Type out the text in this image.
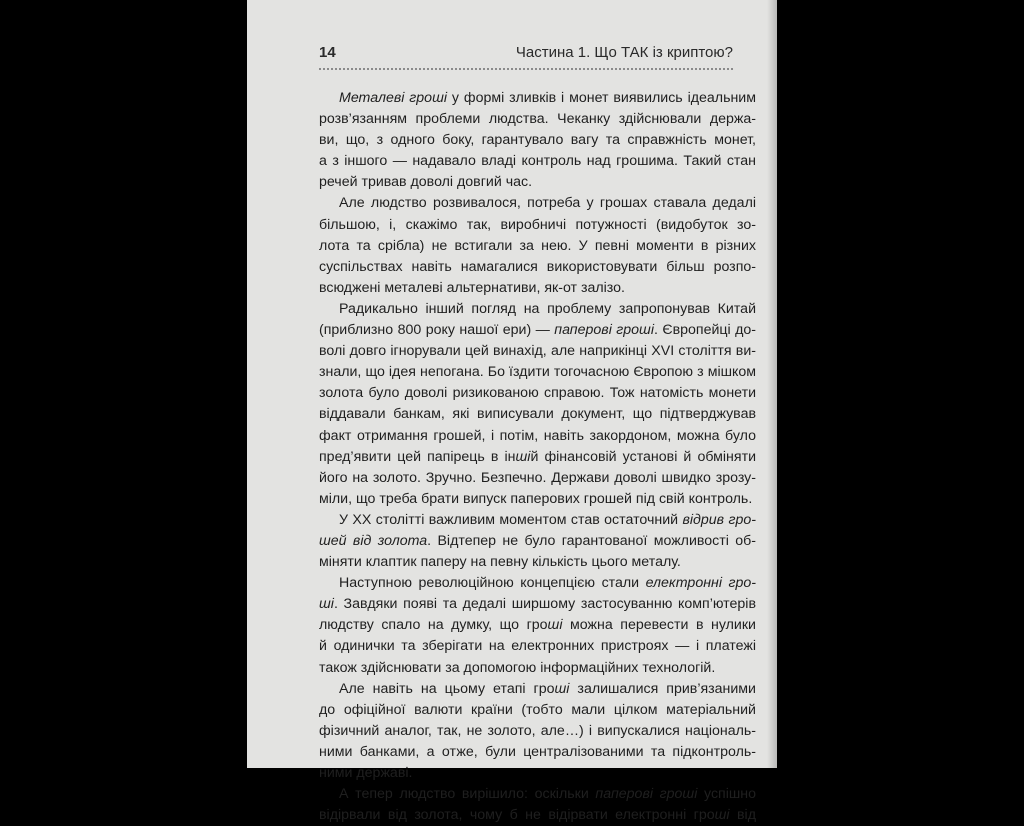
14	Частина 1. Що ТАК із криптою?
Металеві гроші у формі зливків і монет виявились ідеальним
розв’язанням проблеми людства. Чеканку здійснювали держа-
ви, що, з одного боку, гарантувало вагу та справжність монет,
а з іншого — надавало владі контроль над грошима. Такий стан
речей тривав доволі довгий час.
Але людство розвивалося, потреба у грошах ставала дедалі
більшою, і, скажімо так, виробничі потужності (видобуток зо-
лота та срібла) не встигали за нею. У певні моменти в різних
суспільствах навіть намагалися використовувати більш розпо-
всюджені металеві альтернативи, як-от залізо.
Радикально інший погляд на проблему запропонував Китай
(приблизно 800 року нашої ери) — паперові гроші. Європейці до-
волі довго ігнорували цей винахід, але наприкінці XVI століття ви-
знали, що ідея непогана. Бо їздити тогочасною Європою з мішком
золота було доволі ризикованою справою. Тож натомість монети
віддавали банкам, які виписували документ, що підтверджував
факт отримання грошей, і потім, навіть закордоном, можна було
пред’явити цей папірець в іншій фінансовій установі й обміняти
його на золото. Зручно. Безпечно. Держави доволі швидко зрозу-
міли, що треба брати випуск паперових грошей під свій контроль.
У XX столітті важливим моментом став остаточний відрив гро-
шей від золота. Відтепер не було гарантованої можливості об-
міняти клаптик паперу на певну кількість цього металу.
Наступною революційною концепцією стали електронні гро-
ші. Завдяки появі та дедалі ширшому застосуванню комп’ютерів
людству спало на думку, що гроші можна перевести в нулики
й одинички та зберігати на електронних пристроях — і платежі
також здійснювати за допомогою інформаційних технологій.
Але навіть на цьому етапі гроші залишалися прив’язаними
до офіційної валюти країни (тобто мали цілком матеріальний
фізичний аналог, так, не золото, але…) і випускалися національ-
ними банками, а отже, були централізованими та підконтроль-
ними державі.
А тепер людство вирішило: оскільки паперові гроші успішно
відірвали від золота, чому б не відірвати електронні гроші від
